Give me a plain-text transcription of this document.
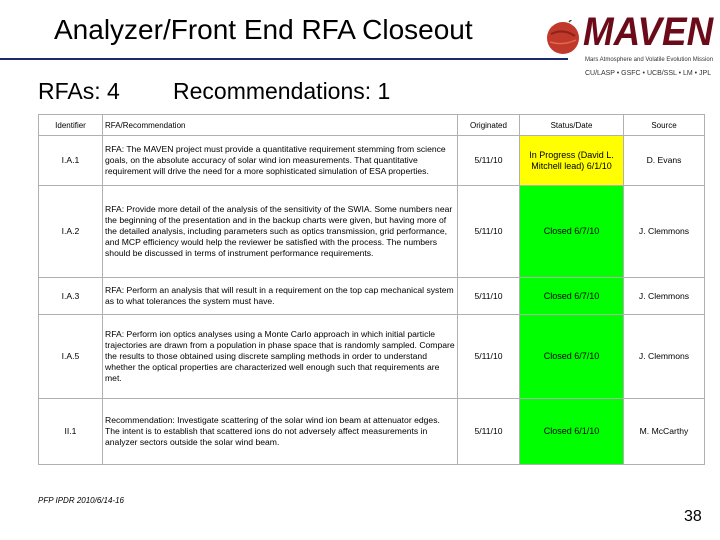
Analyzer/Front End RFA Closeout	MAVEN
Mars Atmosphere and Volatile Evolution Mission
CU/LASP • GSFC • UCB/SSL • LM • JPL
RFAs: 4 Recommendations: 1
Identifier	RFA/Recommendation	Originated	Status/Date	Source
I.A.1	RFA: The MAVEN project must provide a quantitative requirement stemming from science goals, on the absolute accuracy of solar wind ion measurements. That quantitative requirement will drive the need for a more sophisticated simulation of ESA properties.	5/11/10	In Progress (David L. Mitchell lead) 6/1/10	D. Evans
I.A.2	RFA: Provide more detail of the analysis of the sensitivity of the SWIA. Some numbers near the beginning of the presentation and in the backup charts were given, but having more of the detailed analysis, including parameters such as optics transmission, grid performance, and MCP efficiency would help the reviewer be satisfied with the process. The numbers should be discussed in terms of instrument performance requirements.	5/11/10	Closed 6/7/10	J. Clemmons
I.A.3	RFA: Perform an analysis that will result in a requirement on the top cap mechanical system as to what tolerances the system must have.	5/11/10	Closed 6/7/10	J. Clemmons
I.A.5	RFA: Perform ion optics analyses using a Monte Carlo approach in which initial particle trajectories are drawn from a population in phase space that is randomly sampled. Compare the results to those obtained using discrete sampling methods in order to understand whether the optical properties are characterized well enough such that requirements are met.	5/11/10	Closed 6/7/10	J. Clemmons
II.1	Recommendation: Investigate scattering of the solar wind ion beam at attenuator edges. The intent is to establish that scattered ions do not adversely affect measurements in analyzer sectors outside the solar wind beam.	5/11/10	Closed 6/1/10	M. McCarthy
PFP IPDR 2010/6/14-16
38
